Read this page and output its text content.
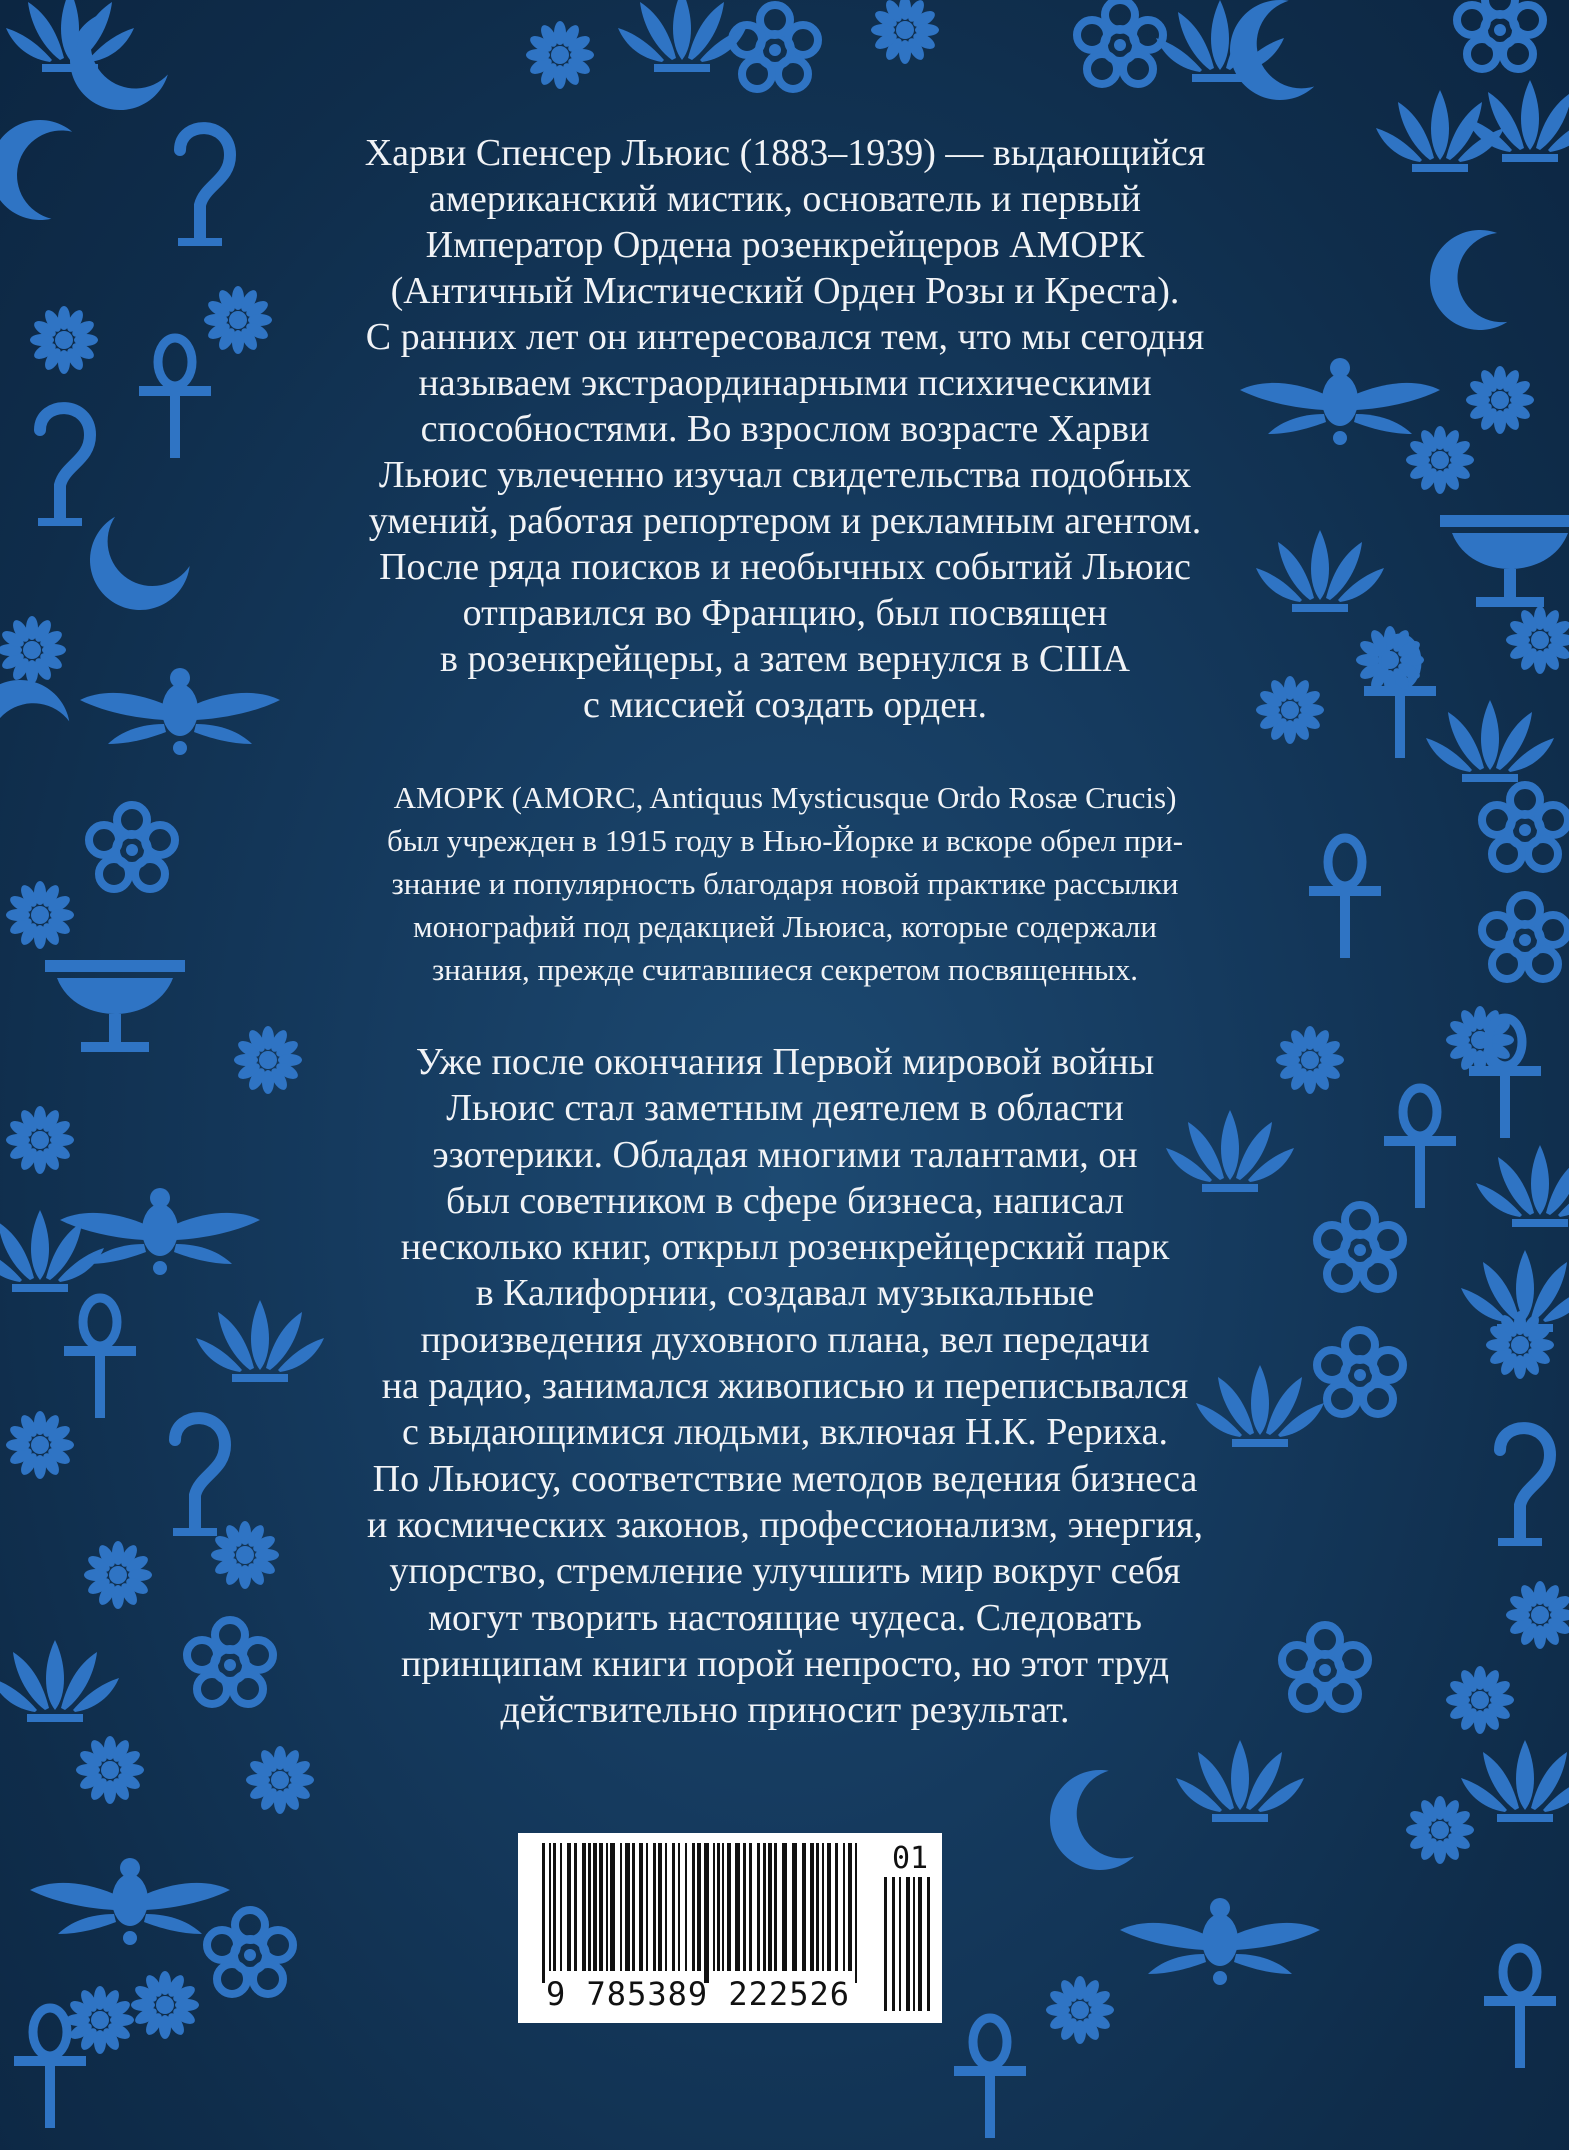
Харви Спенсер Льюис (1883–1939) — выдающийся

американский мистик, основатель и первый

Император Ордена розенкрейцеров АМОРК

(Античный Мистический Орден Розы и Креста).

С ранних лет он интересовался тем, что мы сегодня

называем экстраординарными психическими

способностями. Во взрослом возрасте Харви

Льюис увлеченно изучал свидетельства подобных

умений, работая репортером и рекламным агентом.

После ряда поисков и необычных событий Льюис

отправился во Францию, был посвящен

в розенкрейцеры, а затем вернулся в США

с миссией создать орден.

АМОРК (AMORC, Antiquus Mysticusque Ordo Rosæ Crucis)

был учрежден в 1915 году в Нью-Йорке и вскоре обрел при-

знание и популярность благодаря новой практике рассылки

монографий под редакцией Льюиса, которые содержали

знания, прежде считавшиеся секретом посвященных.

Уже после окончания Первой мировой войны

Льюис стал заметным деятелем в области

эзотерики. Обладая многими талантами, он

был советником в сфере бизнеса, написал

несколько книг, открыл розенкрейцерский парк

в Калифорнии, создавал музыкальные

произведения духовного плана, вел передачи

на радио, занимался живописью и переписывался

с выдающимися людьми, включая Н.К. Рериха.

По Льюису, соответствие методов ведения бизнеса

и космических законов, профессионализм, энергия,

упорство, стремление улучшить мир вокруг себя

могут творить настоящие чудеса. Следовать

принципам книги порой непросто, но этот труд

действительно приносит результат.

9 785389 222526
01
